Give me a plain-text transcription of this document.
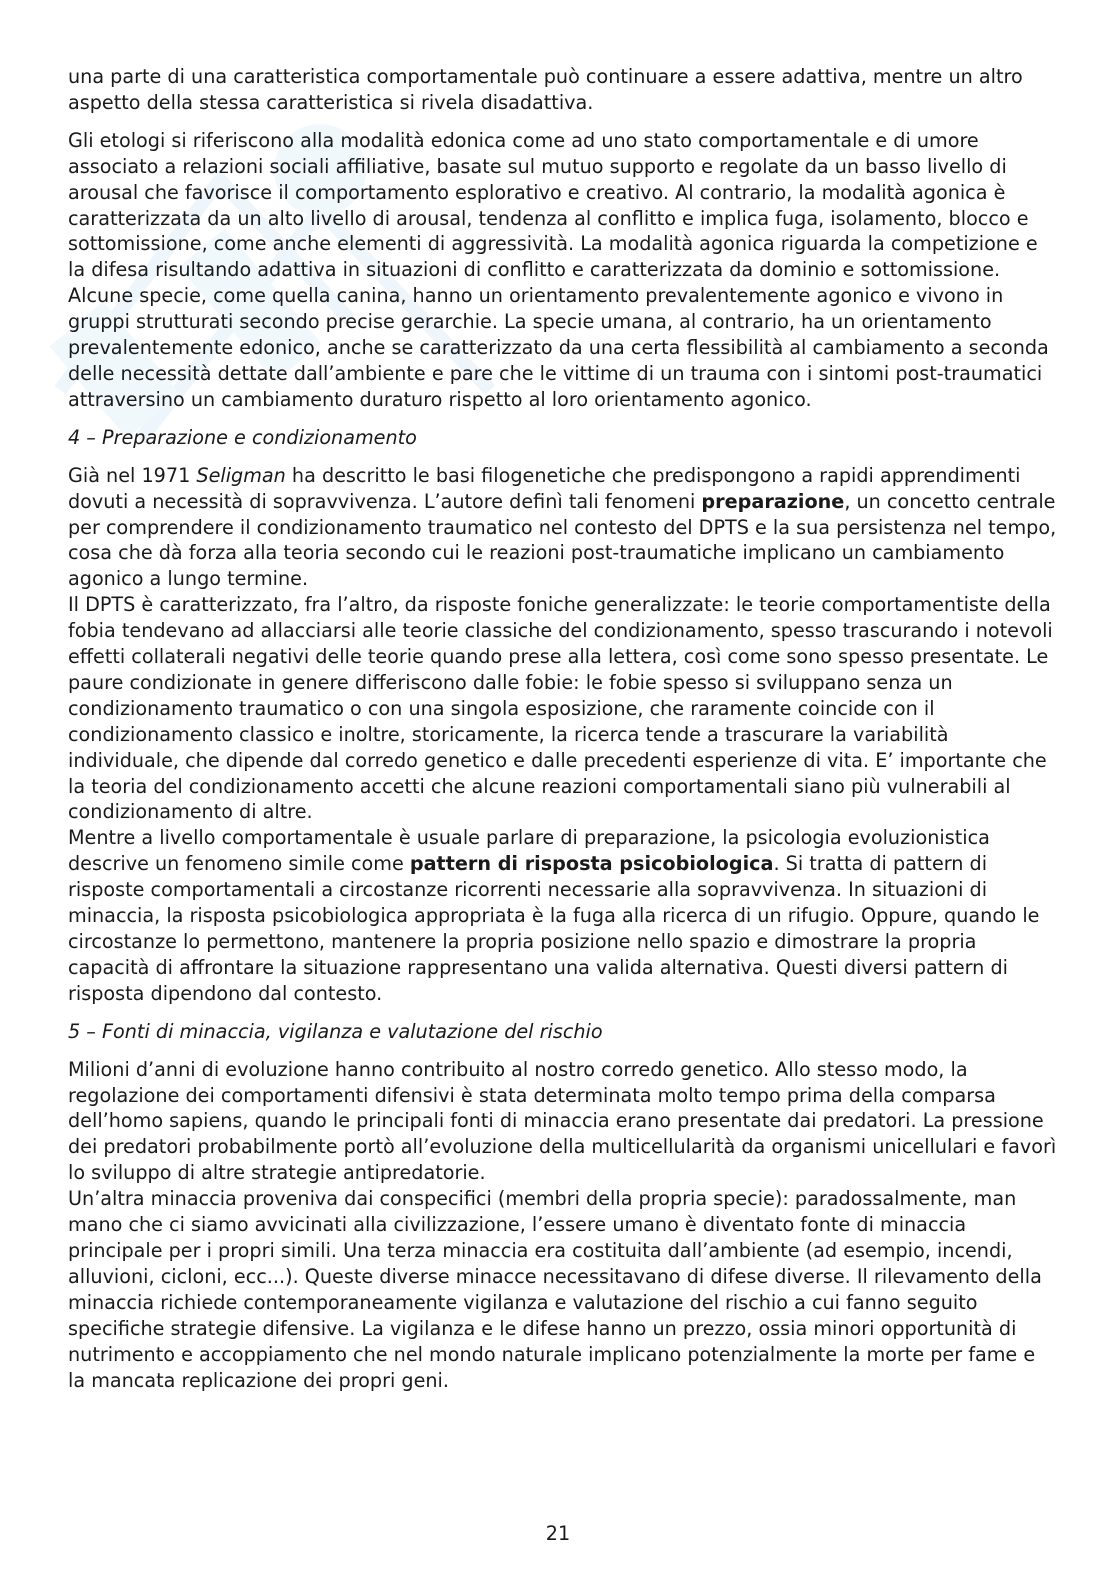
una parte di una caratteristica comportamentale può continuare a essere adattiva, mentre un altro aspetto della stessa caratteristica si rivela disadattiva.

Gli etologi si riferiscono alla modalità edonica come ad uno stato comportamentale e di umore associato a relazioni sociali affiliative, basate sul mutuo supporto e regolate da un basso livello di arousal che favorisce il comportamento esplorativo e creativo. Al contrario, la modalità agonica è caratterizzata da un alto livello di arousal, tendenza al conflitto e implica fuga, isolamento, blocco e sottomissione, come anche elementi di aggressività. La modalità agonica riguarda la competizione e la difesa risultando adattiva in situazioni di conflitto e caratterizzata da dominio e sottomissione. Alcune specie, come quella canina, hanno un orientamento prevalentemente agonico e vivono in gruppi strutturati secondo precise gerarchie. La specie umana, al contrario, ha un orientamento prevalentemente edonico, anche se caratterizzato da una certa flessibilità al cambiamento a seconda delle necessità dettate dall’ambiente e pare che le vittime di un trauma con i sintomi post-traumatici attraversino un cambiamento duraturo rispetto al loro orientamento agonico.

4 – Preparazione e condizionamento

Già nel 1971 Seligman ha descritto le basi filogenetiche che predispongono a rapidi apprendimenti dovuti a necessità di sopravvivenza. L’autore definì tali fenomeni preparazione, un concetto centrale per comprendere il condizionamento traumatico nel contesto del DPTS e la sua persistenza nel tempo, cosa che dà forza alla teoria secondo cui le reazioni post-traumatiche implicano un cambiamento agonico a lungo termine.

Il DPTS è caratterizzato, fra l’altro, da risposte foniche generalizzate: le teorie comportamentiste della fobia tendevano ad allacciarsi alle teorie classiche del condizionamento, spesso trascurando i notevoli effetti collaterali negativi delle teorie quando prese alla lettera, così come sono spesso presentate. Le paure condizionate in genere differiscono dalle fobie: le fobie spesso si sviluppano senza un condizionamento traumatico o con una singola esposizione, che raramente coincide con il condizionamento classico e inoltre, storicamente, la ricerca tende a trascurare la variabilità individuale, che dipende dal corredo genetico e dalle precedenti esperienze di vita. E’ importante che la teoria del condizionamento accetti che alcune reazioni comportamentali siano più vulnerabili al condizionamento di altre.

Mentre a livello comportamentale è usuale parlare di preparazione, la psicologia evoluzionistica descrive un fenomeno simile come pattern di risposta psicobiologica. Si tratta di pattern di risposte comportamentali a circostanze ricorrenti necessarie alla sopravvivenza. In situazioni di minaccia, la risposta psicobiologica appropriata è la fuga alla ricerca di un rifugio. Oppure, quando le circostanze lo permettono, mantenere la propria posizione nello spazio e dimostrare la propria capacità di affrontare la situazione rappresentano una valida alternativa. Questi diversi pattern di risposta dipendono dal contesto.

5 – Fonti di minaccia, vigilanza e valutazione del rischio

Milioni d’anni di evoluzione hanno contribuito al nostro corredo genetico. Allo stesso modo, la regolazione dei comportamenti difensivi è stata determinata molto tempo prima della comparsa dell’homo sapiens, quando le principali fonti di minaccia erano presentate dai predatori. La pressione dei predatori probabilmente portò all’evoluzione della multicellularità da organismi unicellulari e favorì lo sviluppo di altre strategie antipredatorie.

Un’altra minaccia proveniva dai conspecifici (membri della propria specie): paradossalmente, man mano che ci siamo avvicinati alla civilizzazione, l’essere umano è diventato fonte di minaccia principale per i propri simili. Una terza minaccia era costituita dall’ambiente (ad esempio, incendi, alluvioni, cicloni, ecc...). Queste diverse minacce necessitavano di difese diverse. Il rilevamento della minaccia richiede contemporaneamente vigilanza e valutazione del rischio a cui fanno seguito specifiche strategie difensive. La vigilanza e le difese hanno un prezzo, ossia minori opportunità di nutrimento e accoppiamento che nel mondo naturale implicano potenzialmente la morte per fame e la mancata replicazione dei propri geni.

21
